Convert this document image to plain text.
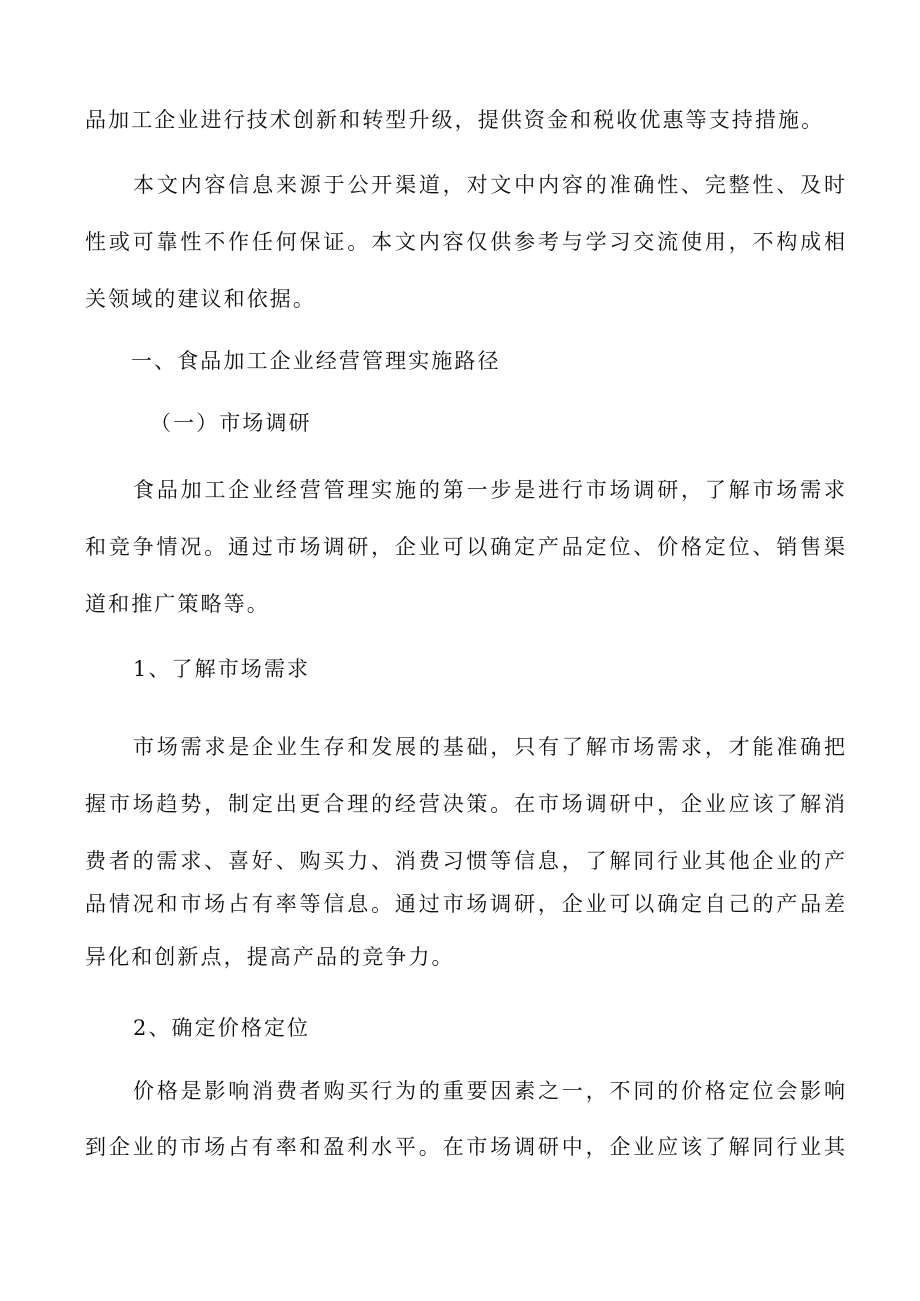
品加工企业进行技术创新和转型升级，提供资金和税收优惠等支持措施。
本文内容信息来源于公开渠道，对文中内容的准确性、完整性、及时
性或可靠性不作任何保证。本文内容仅供参考与学习交流使用，不构成相
关领域的建议和依据。
一、食品加工企业经营管理实施路径
（一）市场调研
食品加工企业经营管理实施的第一步是进行市场调研，了解市场需求
和竞争情况。通过市场调研，企业可以确定产品定位、价格定位、销售渠
道和推广策略等。
1、了解市场需求
市场需求是企业生存和发展的基础，只有了解市场需求，才能准确把
握市场趋势，制定出更合理的经营决策。在市场调研中，企业应该了解消
费者的需求、喜好、购买力、消费习惯等信息，了解同行业其他企业的产
品情况和市场占有率等信息。通过市场调研，企业可以确定自己的产品差
异化和创新点，提高产品的竞争力。
2、确定价格定位
价格是影响消费者购买行为的重要因素之一，不同的价格定位会影响
到企业的市场占有率和盈利水平。在市场调研中，企业应该了解同行业其
